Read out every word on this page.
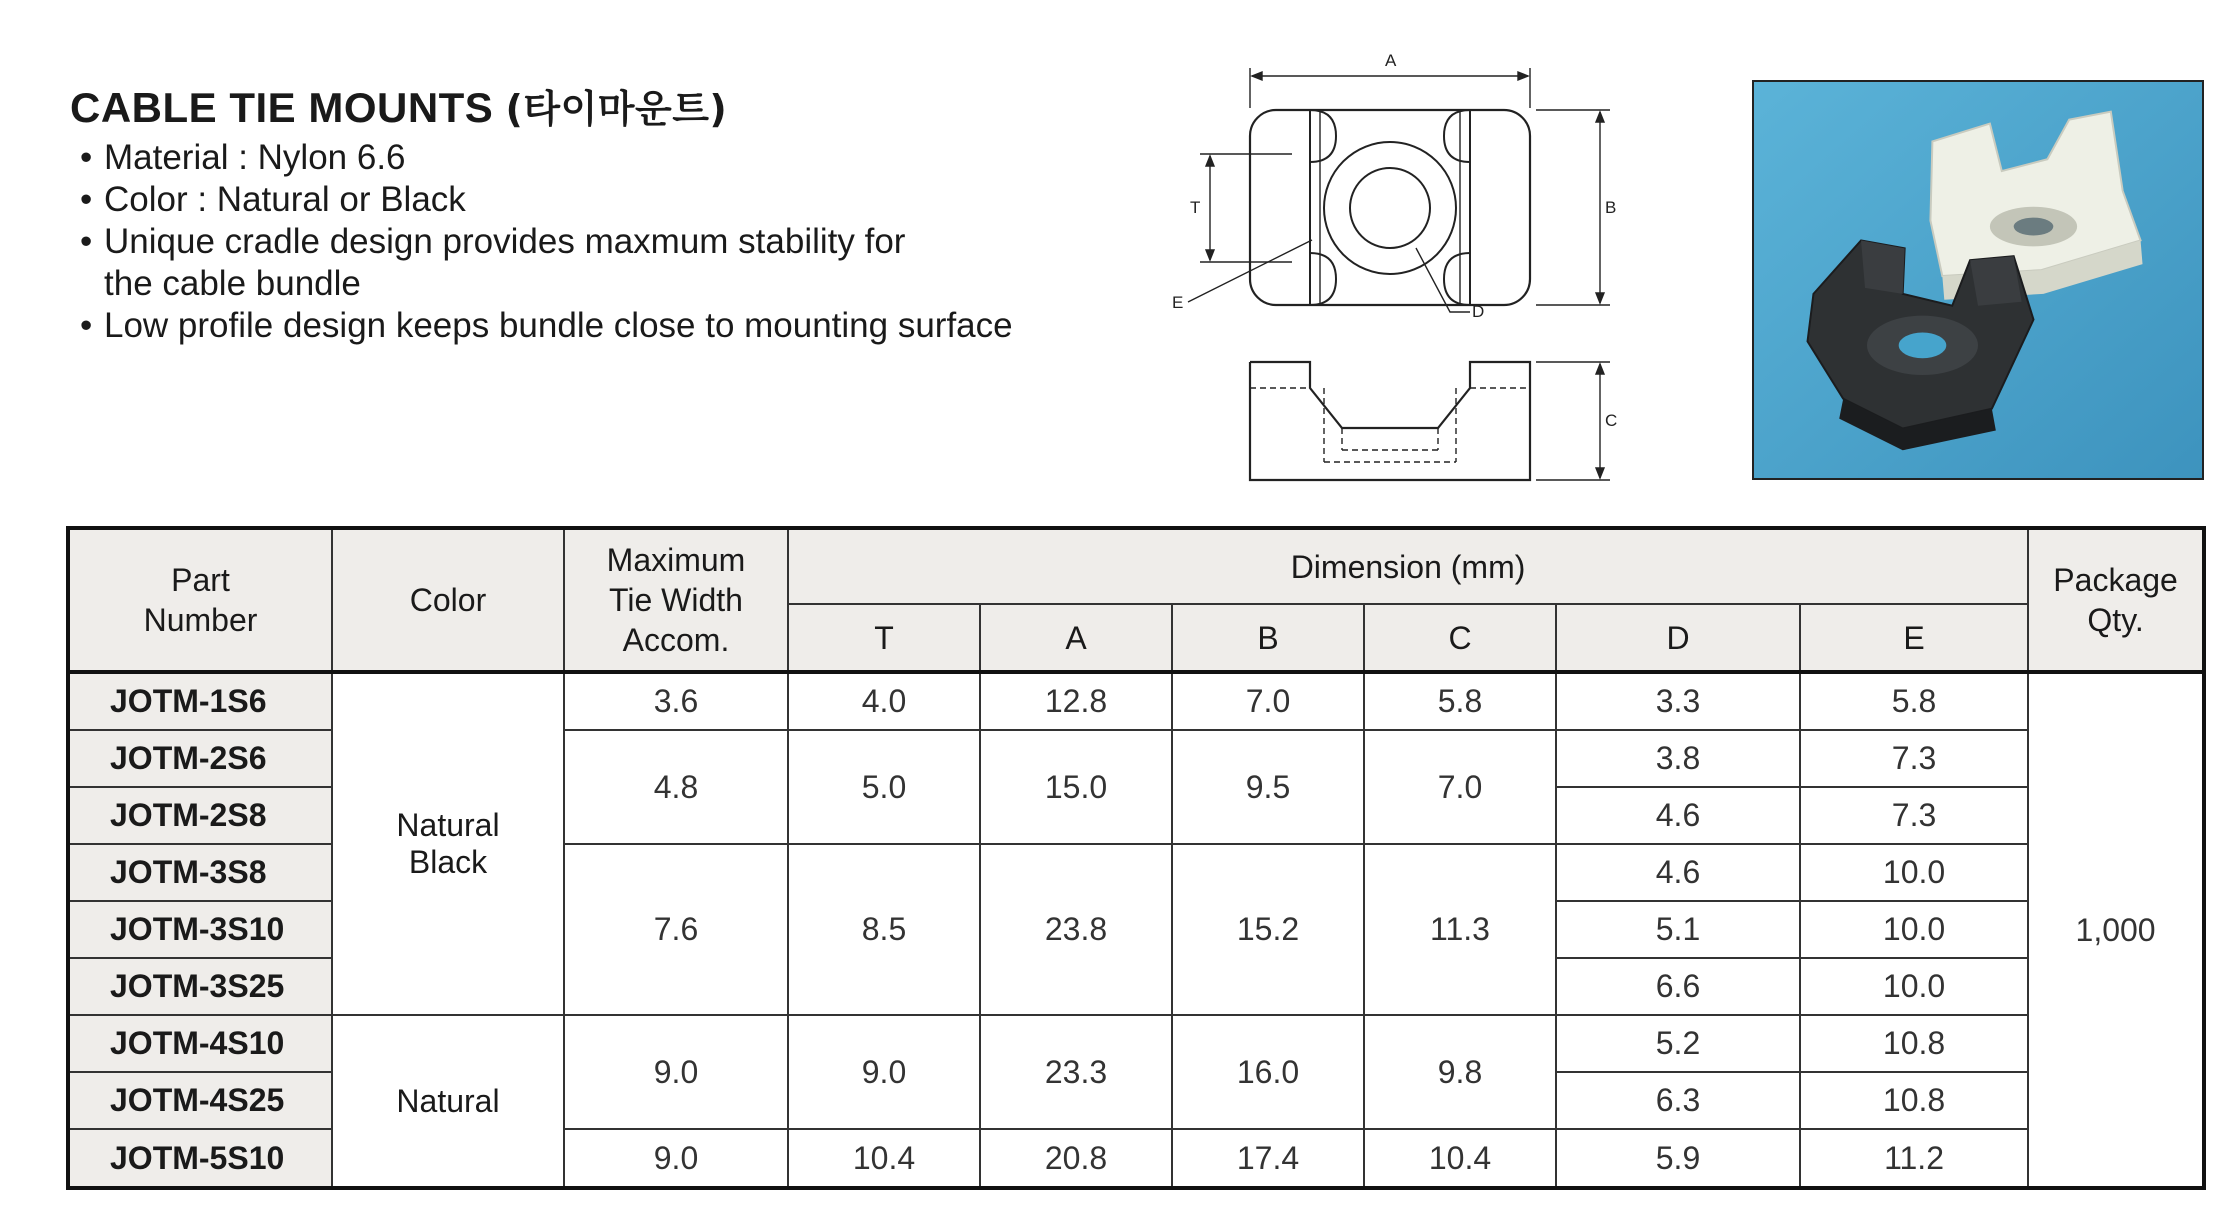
CABLE TIE MOUNTS (타이마운트)
• Material : Nylon 6.6
• Color : Natural or Black
• Unique cradle design provides maxmum stability for
the cable bundle
• Low profile design keeps bundle close to mounting surface
A
B
T
E	D
C
Part
Number	Color	Maximum
Tie Width
Accom.	Dimension (mm)						Package
Qty.
			T	A	B	C	D	E	
JOTM-1S6	Natural
Black	3.6	4.0	12.8	7.0	5.8	3.3	5.8	1,000
JOTM-2S6		4.8	5.0	15.0	9.5	7.0	3.8	7.3	
JOTM-2S8							4.6	7.3	
JOTM-3S8		7.6	8.5	23.8	15.2	11.3	4.6	10.0	
JOTM-3S10							5.1	10.0	
JOTM-3S25							6.6	10.0	
JOTM-4S10	Natural	9.0	9.0	23.3	16.0	9.8	5.2	10.8	
JOTM-4S25							6.3	10.8	
JOTM-5S10		9.0	10.4	20.8	17.4	10.4	5.9	11.2	
